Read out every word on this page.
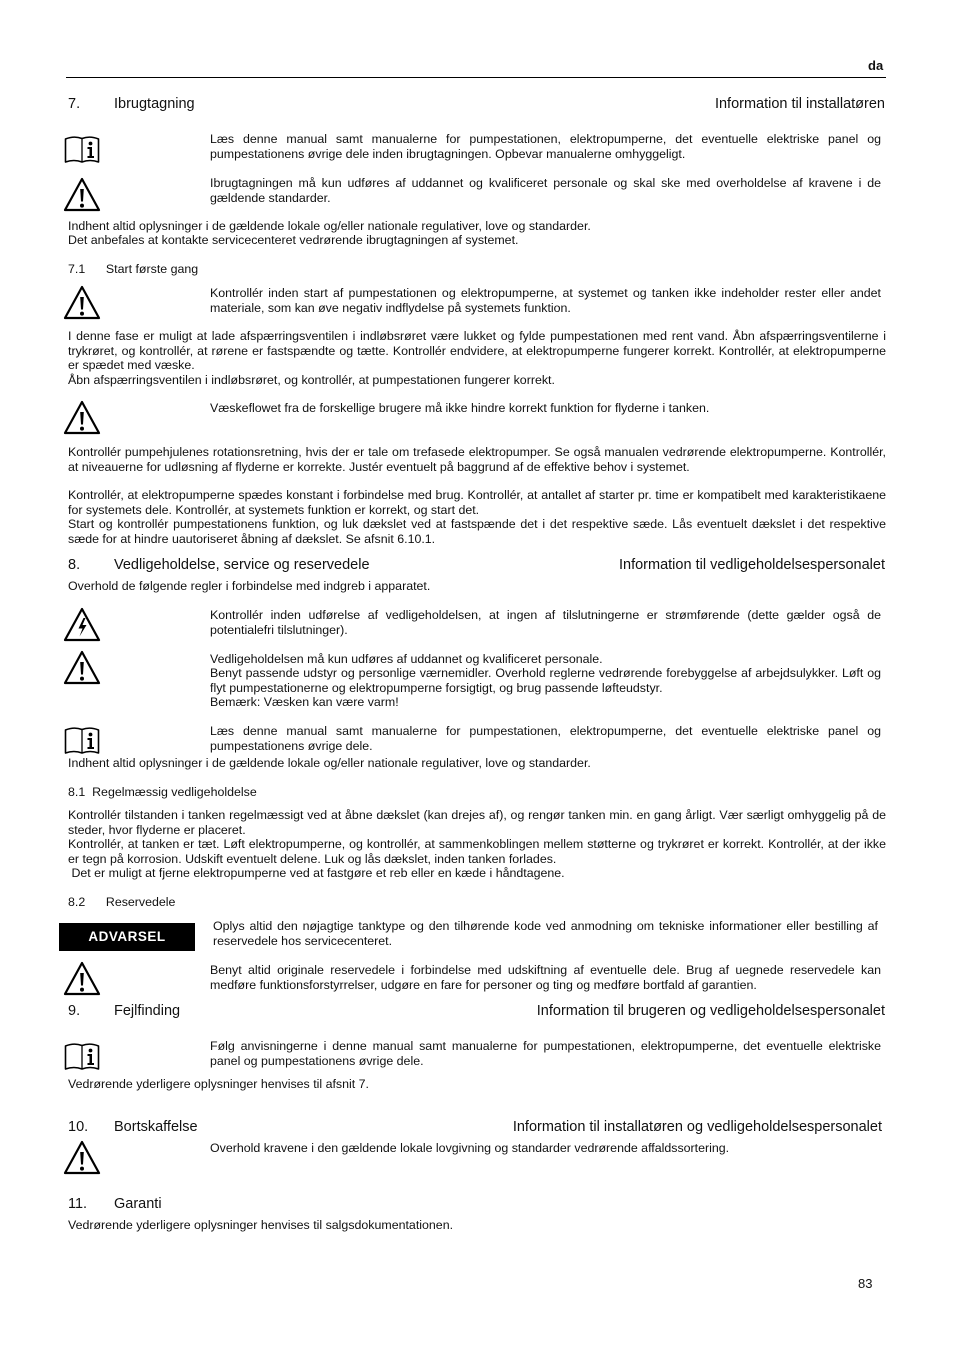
da
7. Ibrugtagning	Information til installatøren

Læs denne manual samt manualerne for pumpestationen, elektropumperne, det eventuelle elektriske panel og pumpestationens øvrige dele inden ibrugtagningen. Opbevar manualerne omhyggeligt.

Ibrugtagningen må kun udføres af uddannet og kvalificeret personale og skal ske med overholdelse af kravene i de gældende standarder.

Indhent altid oplysninger i de gældende lokale og/eller nationale regulativer, love og standarder.

Det anbefales at kontakte servicecenteret vedrørende ibrugtagningen af systemet.

7.1      Start første gang

Kontrollér inden start af pumpestationen og elektropumperne, at systemet og tanken ikke indeholder rester eller andet materiale, som kan øve negativ indflydelse på systemets funktion.

I denne fase er muligt at lade afspærringsventilen i indløbsrøret være lukket og fylde pumpestationen med rent vand. Åbn afspærringsventilerne i trykrøret, og kontrollér, at rørene er fastspændte og tætte. Kontrollér endvidere, at elektropumperne fungerer korrekt. Kontrollér, at elektropumperne er spædet med væske.

Åbn afspærringsventilen i indløbsrøret, og kontrollér, at pumpestationen fungerer korrekt.

Væskeflowet fra de forskellige brugere må ikke hindre korrekt funktion for flyderne i tanken.

Kontrollér pumpehjulenes rotationsretning, hvis der er tale om trefasede elektropumper. Se også manualen vedrørende elektropumperne. Kontrollér, at niveauerne for udløsning af flyderne er korrekte. Justér eventuelt på baggrund af de effektive behov i systemet.

Kontrollér, at elektropumperne spædes konstant i forbindelse med brug. Kontrollér, at antallet af starter pr. time er kompatibelt med karakteristikaene for systemets dele. Kontrollér, at systemets funktion er korrekt, og start det.

Start og kontrollér pumpestationens funktion, og luk dækslet ved at fastspænde det i det respektive sæde. Lås eventuelt dækslet i det respektive sæde for at hindre uautoriseret åbning af dækslet. Se afsnit 6.10.1.

8. Vedligeholdelse, service og reservedele	Information til vedligeholdelsespersonalet

Overhold de følgende regler i forbindelse med indgreb i apparatet.

Kontrollér inden udførelse af vedligeholdelsen, at ingen af tilslutningerne er strømførende (dette gælder også de potentialefri tilslutninger).

Vedligeholdelsen må kun udføres af uddannet og kvalificeret personale.

Benyt passende udstyr og personlige værnemidler. Overhold reglerne vedrørende forebyggelse af arbejdsulykker. Løft og flyt pumpestationerne og elektropumperne forsigtigt, og brug passende løfteudstyr.

Bemærk: Væsken kan være varm!

Læs denne manual samt manualerne for pumpestationen, elektropumperne, det eventuelle elektriske panel og pumpestationens øvrige dele.

Indhent altid oplysninger i de gældende lokale og/eller nationale regulativer, love og standarder.

8.1  Regelmæssig vedligeholdelse

Kontrollér tilstanden i tanken regelmæssigt ved at åbne dækslet (kan drejes af), og rengør tanken min. en gang årligt. Vær særligt omhyggelig på de steder, hvor flyderne er placeret.

Kontrollér, at tanken er tæt. Løft elektropumperne, og kontrollér, at sammenkoblingen mellem støtterne og trykrøret er korrekt. Kontrollér, at der ikke er tegn på korrosion. Udskift eventuelt delene. Luk og lås dækslet, inden tanken forlades.

Det er muligt at fjerne elektropumperne ved at fastgøre et reb eller en kæde i håndtagene.

8.2      Reservedele
ADVARSEL

Oplys altid den nøjagtige tanktype og den tilhørende kode ved anmodning om tekniske informationer eller bestilling af reservedele hos servicecenteret.

Benyt altid originale reservedele i forbindelse med udskiftning af eventuelle dele. Brug af uegnede reservedele kan medføre funktionsforstyrrelser, udgøre en fare for personer og ting og medføre bortfald af garantien.

9. Fejlfinding	Information til brugeren og vedligeholdelsespersonalet

Følg anvisningerne i denne manual samt manualerne for pumpestationen, elektropumperne, det eventuelle elektriske panel og pumpestationens øvrige dele.

Vedrørende yderligere oplysninger henvises til afsnit 7.

10. Bortskaffelse	Information til installatøren og vedligeholdelsespersonalet

Overhold kravene i den gældende lokale lovgivning og standarder vedrørende affaldssortering.

11. Garanti

Vedrørende yderligere oplysninger henvises til salgsdokumentationen.

83
